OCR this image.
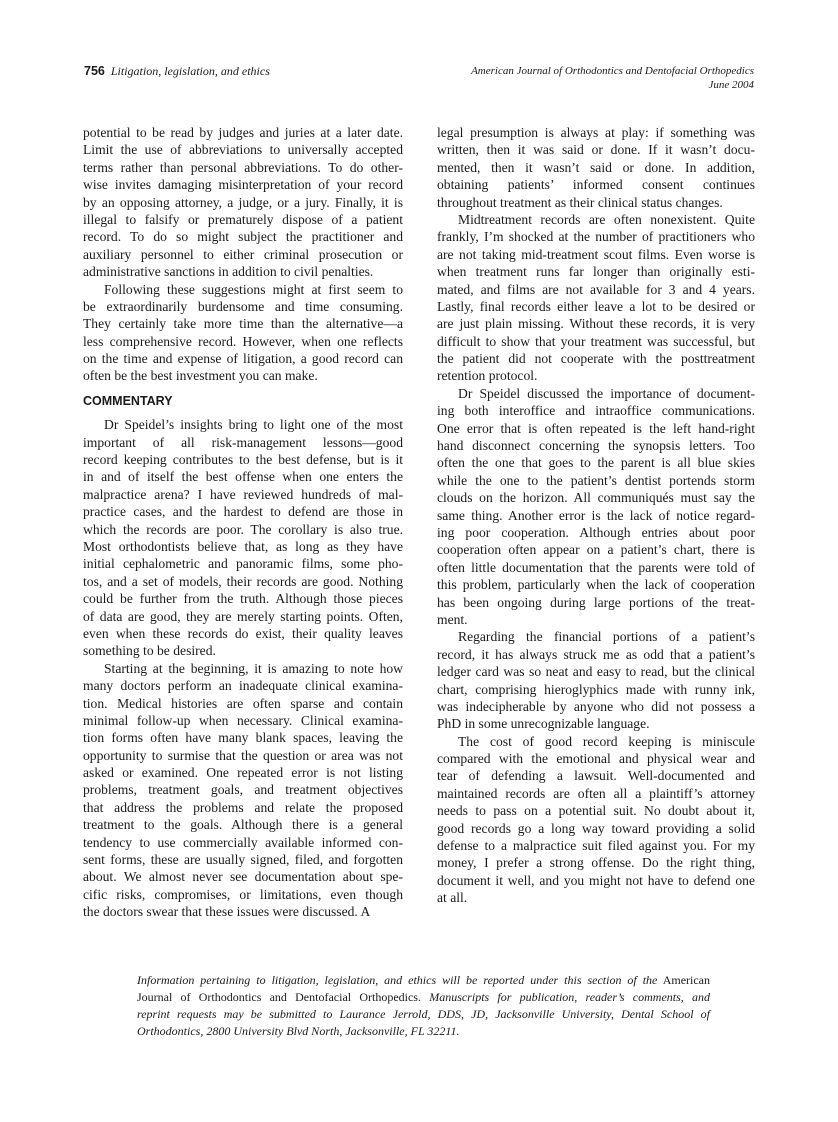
756 Litigation, legislation, and ethics	American Journal of Orthodontics and Dentofacial Orthopedics
June 2004
potential to be read by judges and juries at a later date.
Limit the use of abbreviations to universally accepted
terms rather than personal abbreviations. To do other-
wise invites damaging misinterpretation of your record
by an opposing attorney, a judge, or a jury. Finally, it is
illegal to falsify or prematurely dispose of a patient
record. To do so might subject the practitioner and
auxiliary personnel to either criminal prosecution or
administrative sanctions in addition to civil penalties.
Following these suggestions might at first seem to
be extraordinarily burdensome and time consuming.
They certainly take more time than the alternative—a
less comprehensive record. However, when one reflects
on the time and expense of litigation, a good record can
often be the best investment you can make.
COMMENTARY
Dr Speidel’s insights bring to light one of the most
important of all risk-management lessons—good
record keeping contributes to the best defense, but is it
in and of itself the best offense when one enters the
malpractice arena? I have reviewed hundreds of mal-
practice cases, and the hardest to defend are those in
which the records are poor. The corollary is also true.
Most orthodontists believe that, as long as they have
initial cephalometric and panoramic films, some pho-
tos, and a set of models, their records are good. Nothing
could be further from the truth. Although those pieces
of data are good, they are merely starting points. Often,
even when these records do exist, their quality leaves
something to be desired.
Starting at the beginning, it is amazing to note how
many doctors perform an inadequate clinical examina-
tion. Medical histories are often sparse and contain
minimal follow-up when necessary. Clinical examina-
tion forms often have many blank spaces, leaving the
opportunity to surmise that the question or area was not
asked or examined. One repeated error is not listing
problems, treatment goals, and treatment objectives
that address the problems and relate the proposed
treatment to the goals. Although there is a general
tendency to use commercially available informed con-
sent forms, these are usually signed, filed, and forgotten
about. We almost never see documentation about spe-
cific risks, compromises, or limitations, even though
the doctors swear that these issues were discussed. A
legal presumption is always at play: if something was
written, then it was said or done. If it wasn’t docu-
mented, then it wasn’t said or done. In addition,
obtaining patients’ informed consent continues
throughout treatment as their clinical status changes.
Midtreatment records are often nonexistent. Quite
frankly, I’m shocked at the number of practitioners who
are not taking mid-treatment scout films. Even worse is
when treatment runs far longer than originally esti-
mated, and films are not available for 3 and 4 years.
Lastly, final records either leave a lot to be desired or
are just plain missing. Without these records, it is very
difficult to show that your treatment was successful, but
the patient did not cooperate with the posttreatment
retention protocol.
Dr Speidel discussed the importance of document-
ing both interoffice and intraoffice communications.
One error that is often repeated is the left hand-right
hand disconnect concerning the synopsis letters. Too
often the one that goes to the parent is all blue skies
while the one to the patient’s dentist portends storm
clouds on the horizon. All communiqués must say the
same thing. Another error is the lack of notice regard-
ing poor cooperation. Although entries about poor
cooperation often appear on a patient’s chart, there is
often little documentation that the parents were told of
this problem, particularly when the lack of cooperation
has been ongoing during large portions of the treat-
ment.
Regarding the financial portions of a patient’s
record, it has always struck me as odd that a patient’s
ledger card was so neat and easy to read, but the clinical
chart, comprising hieroglyphics made with runny ink,
was indecipherable by anyone who did not possess a
PhD in some unrecognizable language.
The cost of good record keeping is miniscule
compared with the emotional and physical wear and
tear of defending a lawsuit. Well-documented and
maintained records are often all a plaintiff’s attorney
needs to pass on a potential suit. No doubt about it,
good records go a long way toward providing a solid
defense to a malpractice suit filed against you. For my
money, I prefer a strong offense. Do the right thing,
document it well, and you might not have to defend one
at all.
Information pertaining to litigation, legislation, and ethics will be reported under this section of the American
Journal of Orthodontics and Dentofacial Orthopedics. Manuscripts for publication, reader’s comments, and
reprint requests may be submitted to Laurance Jerrold, DDS, JD, Jacksonville University, Dental School of
Orthodontics, 2800 University Blvd North, Jacksonville, FL 32211.
